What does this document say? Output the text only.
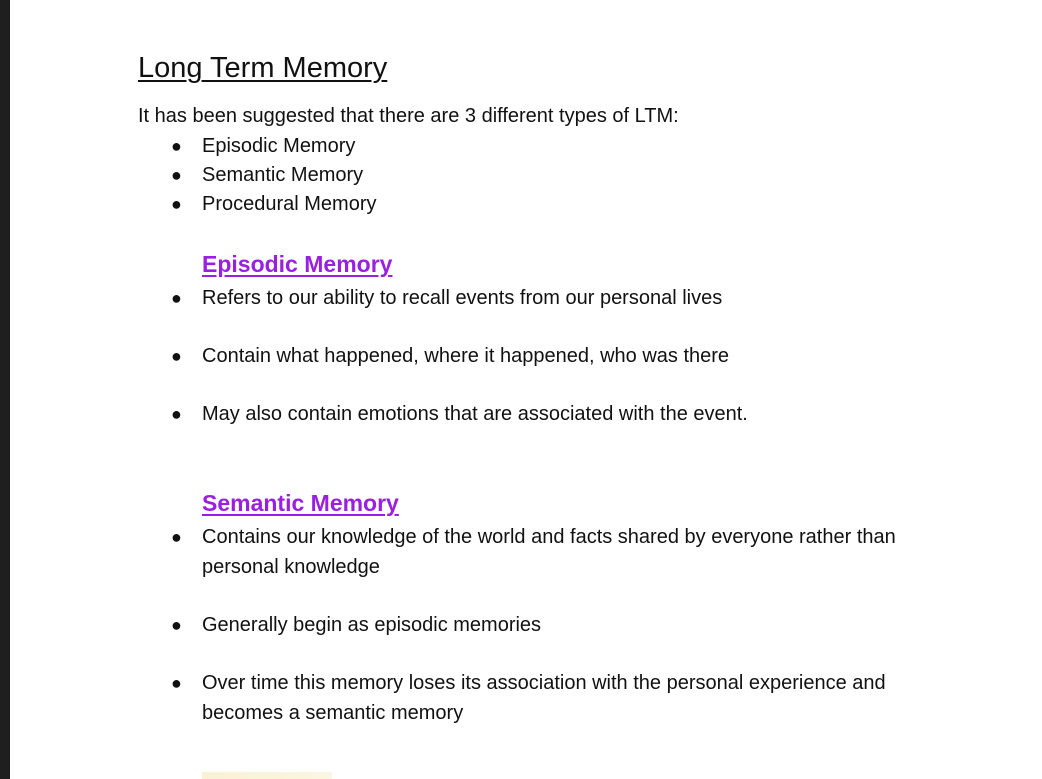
Long Term Memory
It has been suggested that there are 3 different types of LTM:
● Episodic Memory
● Semantic Memory
● Procedural Memory
Episodic Memory
● Refers to our ability to recall events from our personal lives
● Contain what happened, where it happened, who was there
● May also contain emotions that are associated with the event.
Semantic Memory
● Contains our knowledge of the world and facts shared by everyone rather than personal knowledge
● Generally begin as episodic memories
● Over time this memory loses its association with the personal experience and becomes a semantic memory
